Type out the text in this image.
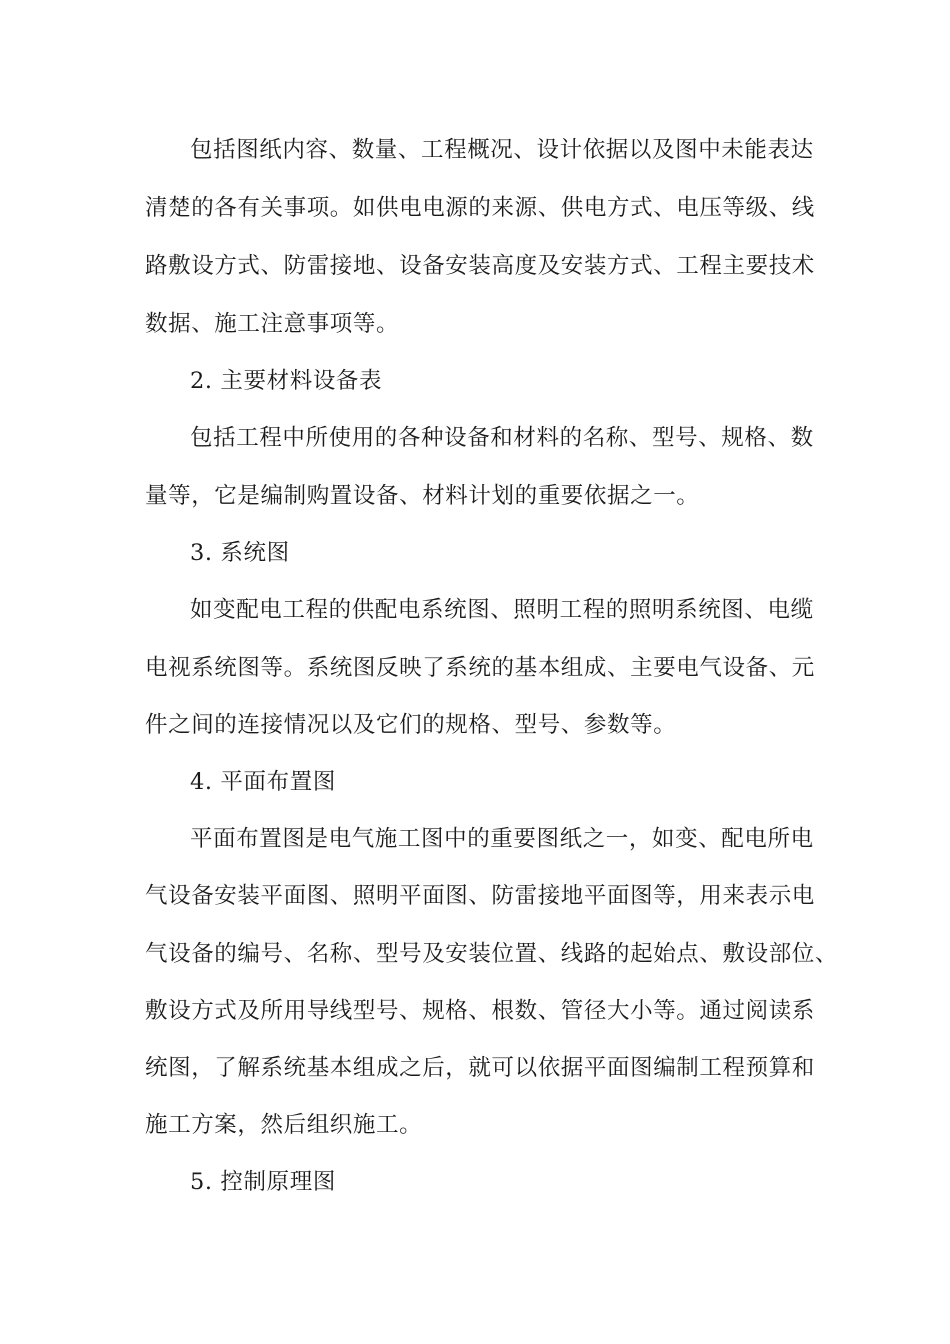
包括图纸内容、数量、工程概况、设计依据以及图中未能表达
清楚的各有关事项。如供电电源的来源、供电方式、电压等级、线
路敷设方式、防雷接地、设备安装高度及安装方式、工程主要技术
数据、施工注意事项等。
2. 主要材料设备表
包括工程中所使用的各种设备和材料的名称、型号、规格、数
量等，它是编制购置设备、材料计划的重要依据之一。
3. 系统图
如变配电工程的供配电系统图、照明工程的照明系统图、电缆
电视系统图等。系统图反映了系统的基本组成、主要电气设备、元
件之间的连接情况以及它们的规格、型号、参数等。
4. 平面布置图
平面布置图是电气施工图中的重要图纸之一，如变、配电所电
气设备安装平面图、照明平面图、防雷接地平面图等，用来表示电
气设备的编号、名称、型号及安装位置、线路的起始点、敷设部位、
敷设方式及所用导线型号、规格、根数、管径大小等。通过阅读系
统图，了解系统基本组成之后，就可以依据平面图编制工程预算和
施工方案，然后组织施工。
5. 控制原理图
